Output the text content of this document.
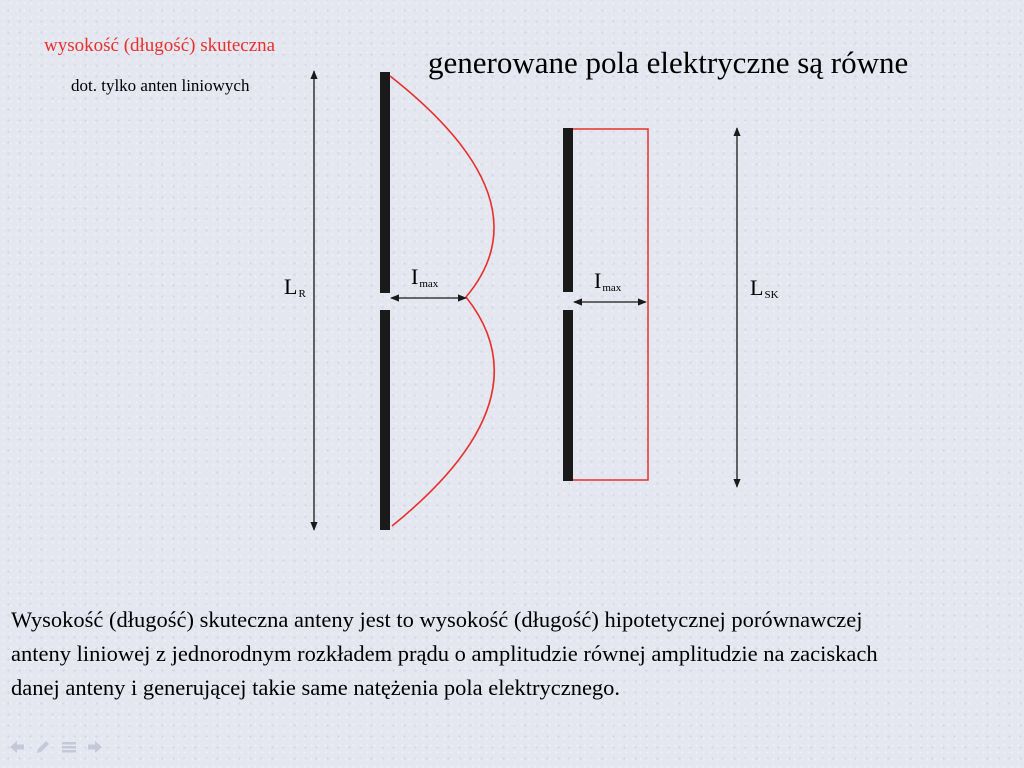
wysokość (długość) skuteczna
dot. tylko anten liniowych
generowane pola elektryczne są równe
$L_R$
$I_{max}$	$I_{max}$	$L_{SK}$
Wysokość (długość) skuteczna anteny jest to wysokość (długość) hipotetycznej porównawczej
anteny liniowej z jednorodnym rozkładem prądu o amplitudzie równej amplitudzie na zaciskach
danej anteny i generującej takie same natężenia pola elektrycznego.
